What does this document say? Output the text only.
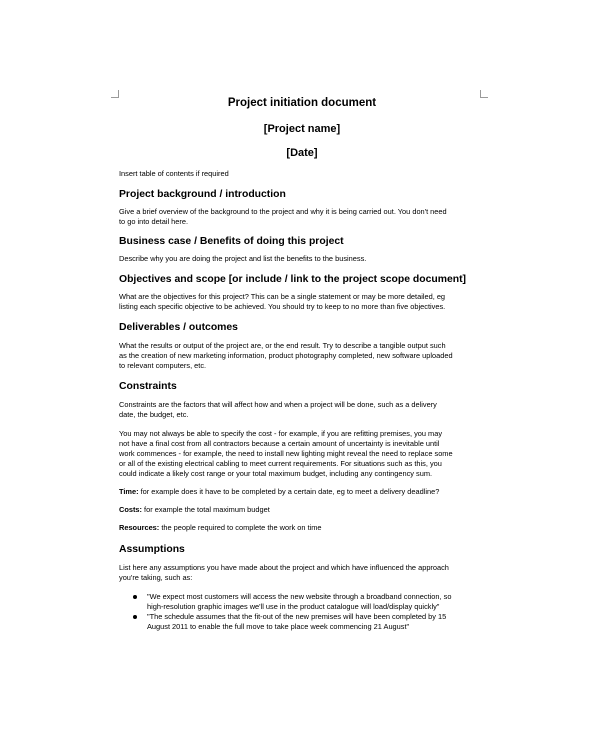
Project initiation document

[Project name]

[Date]

Insert table of contents if required

Project background / introduction

Give a brief overview of the background to the project and why it is being carried out. You don't need
to go into detail here.

Business case / Benefits of doing this project

Describe why you are doing the project and list the benefits to the business.

Objectives and scope [or include / link to the project scope document]

What are the objectives for this project? This can be a single statement or may be more detailed, eg
listing each specific objective to be achieved. You should try to keep to no more than five objectives.

Deliverables / outcomes

What the results or output of the project are, or the end result. Try to describe a tangible output such
as the creation of new marketing information, product photography completed, new software uploaded
to relevant computers, etc.

Constraints

Constraints are the factors that will affect how and when a project will be done, such as a delivery
date, the budget, etc.
You may not always be able to specify the cost - for example, if you are refitting premises, you may
not have a final cost from all contractors because a certain amount of uncertainty is inevitable until
work commences - for example, the need to install new lighting might reveal the need to replace some
or all of the existing electrical cabling to meet current requirements. For situations such as this, you
could indicate a likely cost range or your total maximum budget, including any contingency sum.
Time: for example does it have to be completed by a certain date, eg to meet a delivery deadline?
Costs: for example the total maximum budget
Resources: the people required to complete the work on time

Assumptions

List here any assumptions you have made about the project and which have influenced the approach
you're taking, such as:
"We expect most customers will access the new website through a broadband connection, so
high-resolution graphic images we'll use in the product catalogue will load/display quickly"
"The schedule assumes that the fit-out of the new premises will have been completed by 15
August 2011 to enable the full move to take place week commencing 21 August"
